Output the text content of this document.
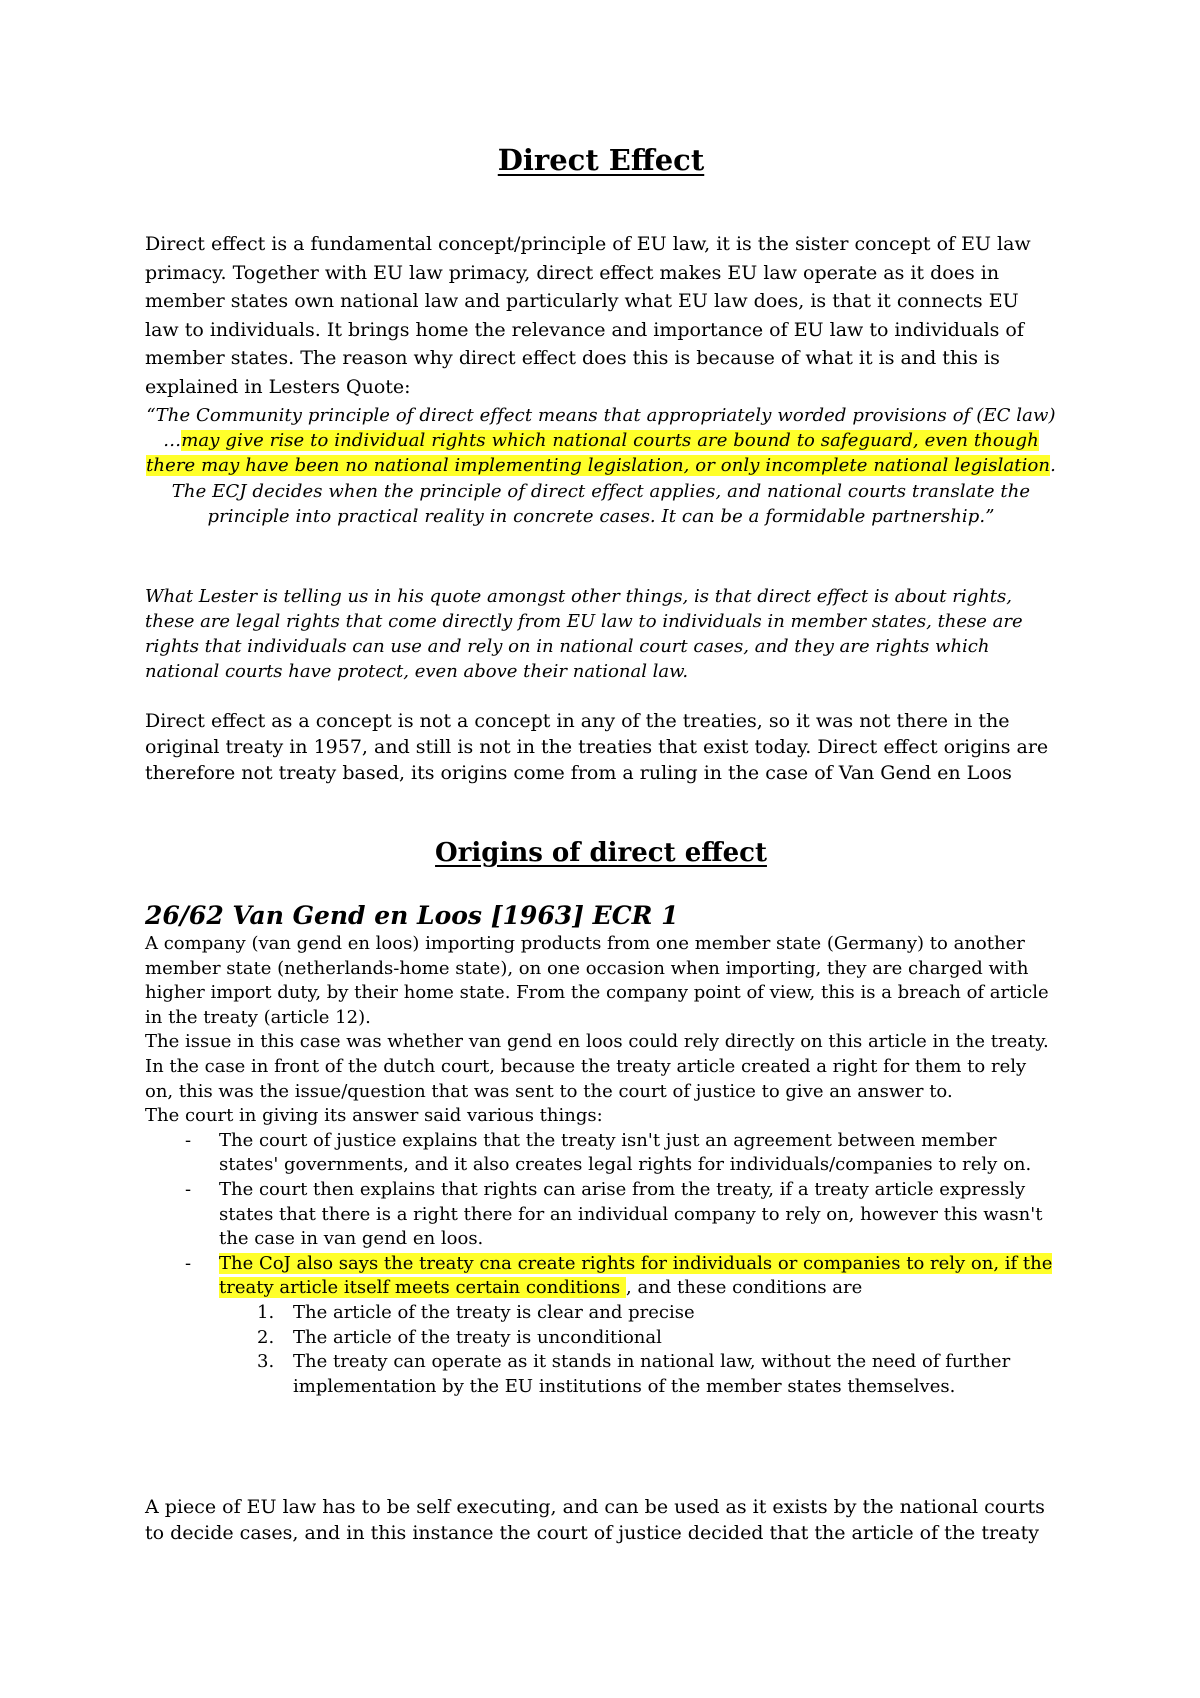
Direct Effect

Direct effect is a fundamental concept/principle of EU law, it is the sister concept of EU law primacy. Together with EU law primacy, direct effect makes EU law operate as it does in member states own national law and particularly what EU law does, is that it connects EU law to individuals. It brings home the relevance and importance of EU law to individuals of member states. The reason why direct effect does this is because of what it is and this is explained in Lesters Quote:

“The Community principle of direct effect means that appropriately worded provisions of (EC law) …may give rise to individual rights which national courts are bound to safeguard, even though there may have been no national implementing legislation, or only incomplete national legislation. The ECJ decides when the principle of direct effect applies, and national courts translate the principle into practical reality in concrete cases. It can be a formidable partnership.”

What Lester is telling us in his quote amongst other things, is that direct effect is about rights, these are legal rights that come directly from EU law to individuals in member states, these are rights that individuals can use and rely on in national court cases, and they are rights which national courts have protect, even above their national law.

Direct effect as a concept is not a concept in any of the treaties, so it was not there in the original treaty in 1957, and still is not in the treaties that exist today. Direct effect origins are therefore not treaty based, its origins come from a ruling in the case of Van Gend en Loos

Origins of direct effect
26/62 Van Gend en Loos [1963] ECR 1

A company (van gend en loos) importing products from one member state (Germany) to another member state (netherlands-home state), on one occasion when importing, they are charged with higher import duty, by their home state. From the company point of view, this is a breach of article in the treaty (article 12).

The issue in this case was whether van gend en loos could rely directly on this article in the treaty. In the case in front of the dutch court, because the treaty article created a right for them to rely on, this was the issue/question that was sent to the court of justice to give an answer to.

The court in giving its answer said various things:

- The court of justice explains that the treaty isn't just an agreement between member states' governments, and it also creates legal rights for individuals/companies to rely on.
- The court then explains that rights can arise from the treaty, if a treaty article expressly states that there is a right there for an individual company to rely on, however this wasn't the case in van gend en loos.
- The CoJ also says the treaty cna create rights for individuals or companies to rely on, if the treaty article itself meets certain conditions , and these conditions are
1. The article of the treaty is clear and precise
2. The article of the treaty is unconditional
3. The treaty can operate as it stands in national law, without the need of further implementation by the EU institutions of the member states themselves.

A piece of EU law has to be self executing, and can be used as it exists by the national courts to decide cases, and in this instance the court of justice decided that the article of the treaty
